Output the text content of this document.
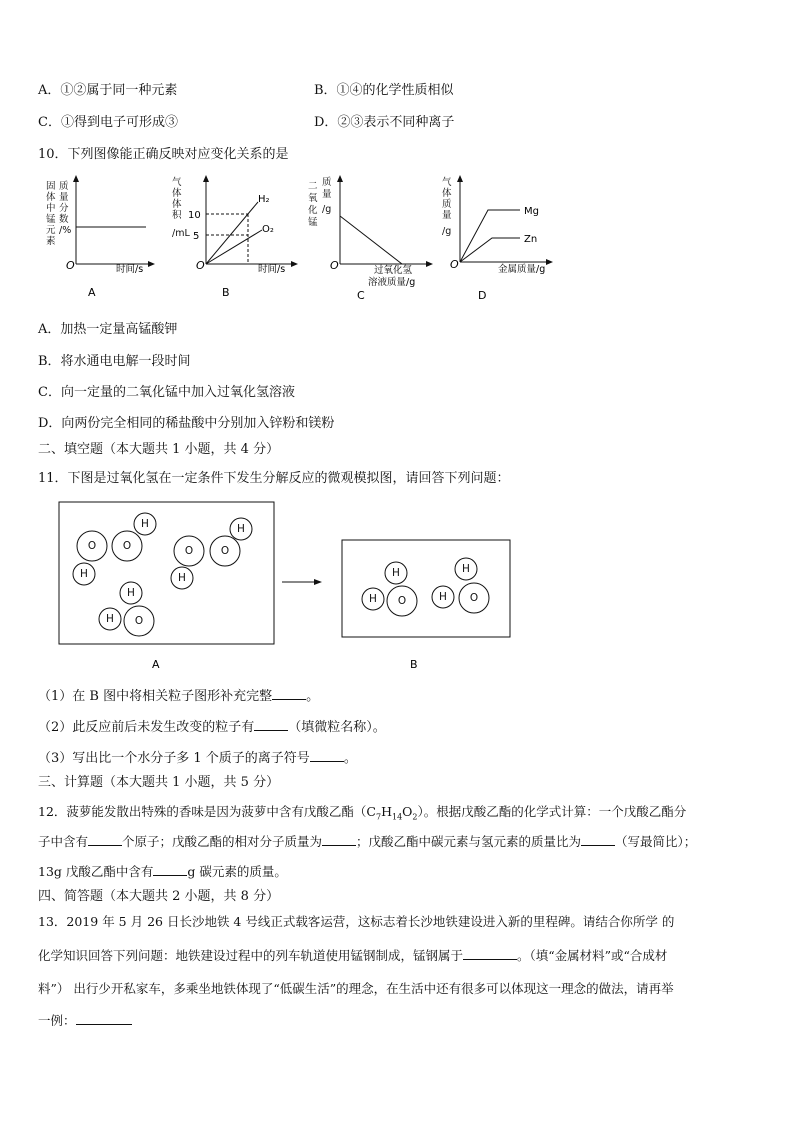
A．①②属于同一种元素	B．①④的化学性质相似
C．①得到电子可形成③	D．②③表示不同种离子
10．下列图像能正确反映对应变化关系的是
固
体
中
锰
元
素
质
量
分
数
/%
O	时间/s
A
气
体
体
积
/mL
10
5
H₂
O₂
O	时间/s
B
二
氧
化
锰
质
量
/g
O	过氧化氢
溶液质量/g
C
气
体
质
量
/g
Mg
Zn
O	金属质量/g
D
A．加热一定量高锰酸钾
B．将水通电电解一段时间
C．向一定量的二氧化锰中加入过氧化氢溶液
D．向两份完全相同的稀盐酸中分别加入锌粉和镁粉
二、填空题（本大题共 1 小题，共 4 分）
11．下图是过氧化氢在一定条件下发生分解反应的微观模拟图，请回答下列问题：
O	O
H
H
O	O
H
H
H
O
H
H
O
H
H
O
H
A	B
（1）在 B 图中将相关粒子图形补充完整	。
（2）此反应前后未发生改变的粒子有	（填微粒名称）。
（3）写出比一个水分子多 1 个质子的离子符号	。
三、计算题（本大题共 1 小题，共 5 分）
12．菠萝能发散出特殊的香味是因为菠萝中含有戊酸乙酯$(C_7H_{14}O_2)$。根据戊酸乙酯的化学式计算：一个戊酸乙酯分
子中含有	个原子；戊酸乙酯的相对分子质量为	；戊酸乙酯中碳元素与氢元素的质量比为	（写最简比）；
13g 戊酸乙酯中含有	g 碳元素的质量。
四、简答题（本大题共 2 小题，共 8 分）
13．2019 年 5 月 26 日长沙地铁 4 号线正式载客运营，这标志着长沙地铁建设进入新的里程碑。请结合你所学 的
化学知识回答下列问题：地铁建设过程中的列车轨道使用锰钢制成，锰钢属于	。（填“金属材料”或“合成材
料”） 出行少开私家车，多乘坐地铁体现了“低碳生活”的理念，在生活中还有很多可以体现这一理念的做法，请再举
一例：
